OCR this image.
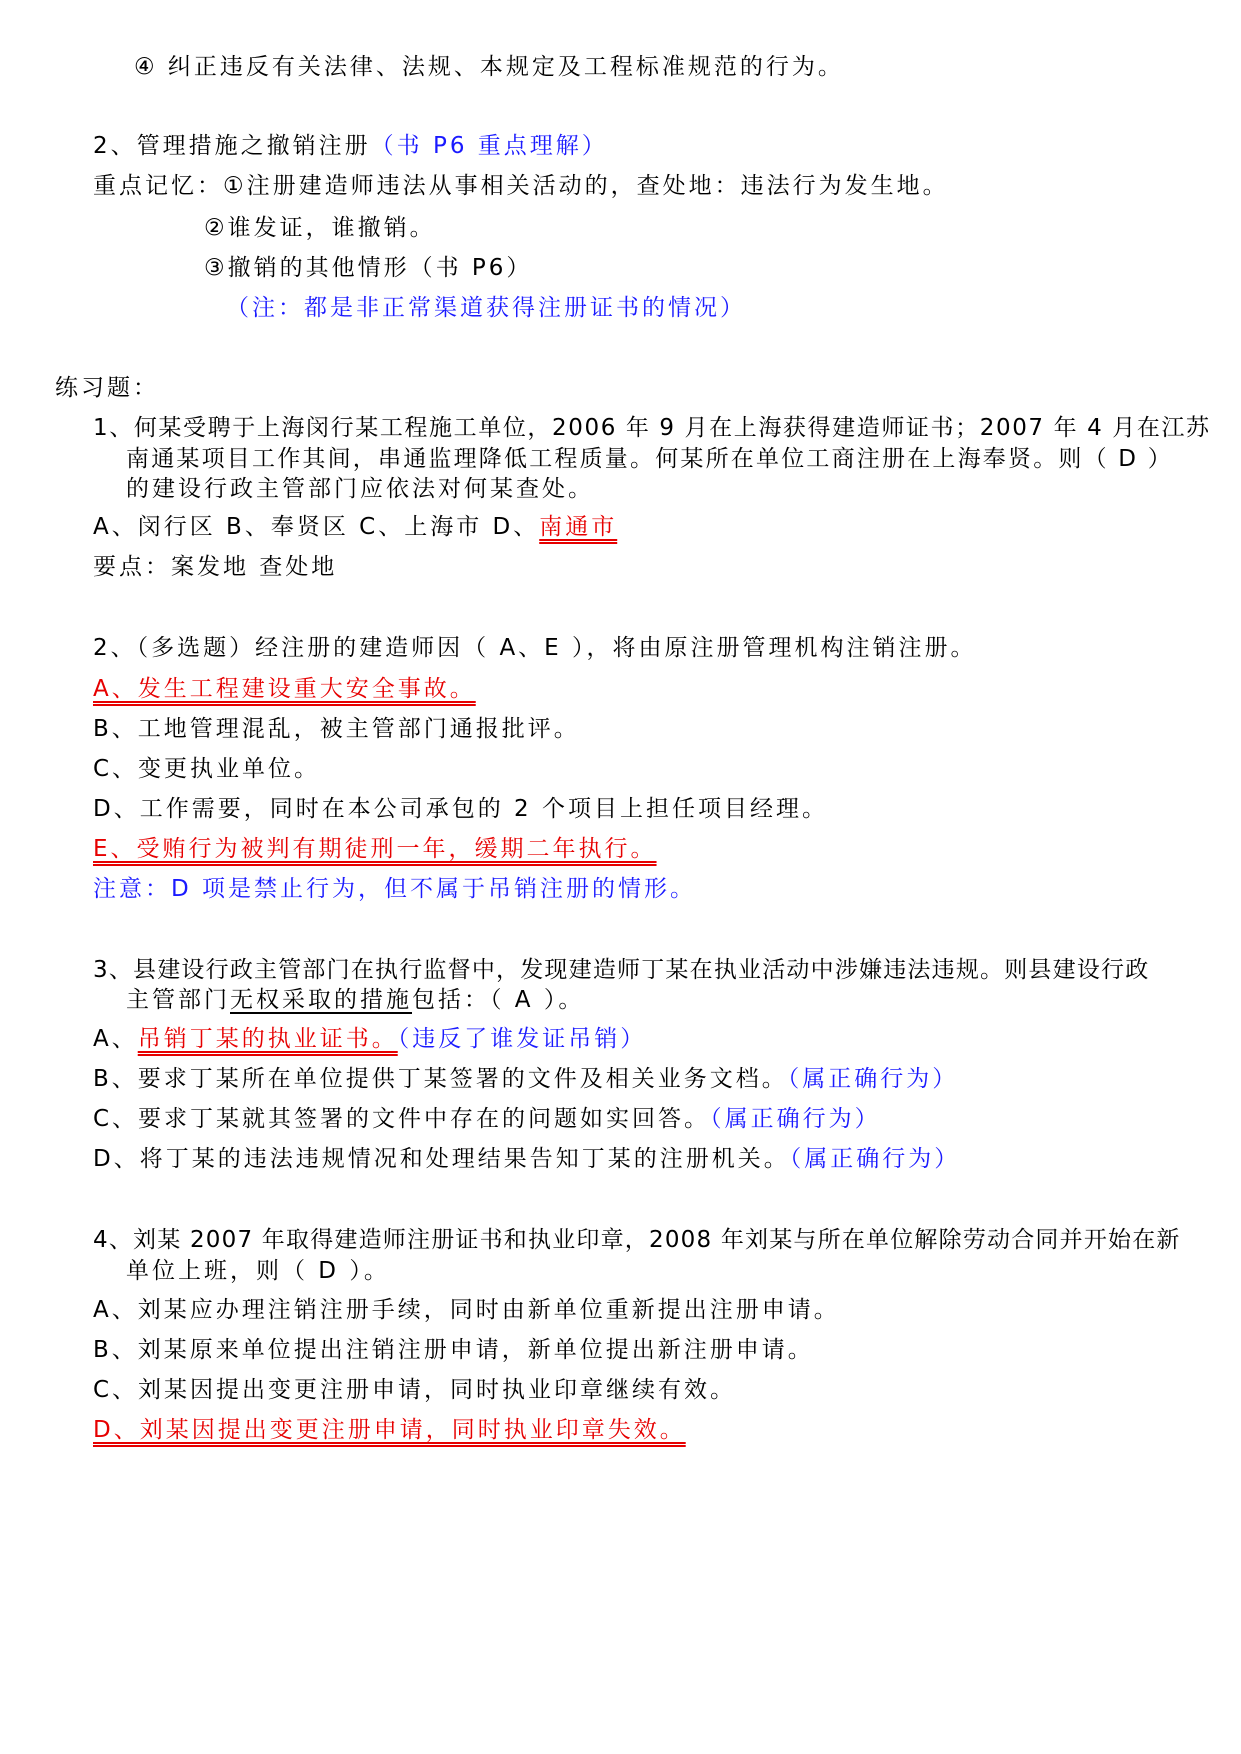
④ 纠正违反有关法律、法规、本规定及工程标准规范的行为。
2、管理措施之撤销注册（书 P6 重点理解）
重点记忆：①注册建造师违法从事相关活动的，查处地：违法行为发生地。
②谁发证，谁撤销。
③撤销的其他情形（书 P6）
（注：都是非正常渠道获得注册证书的情况）
练习题：
1、何某受聘于上海闵行某工程施工单位，2006 年 9 月在上海获得建造师证书；2007 年 4 月在江苏
南通某项目工作其间，串通监理降低工程质量。何某所在单位工商注册在上海奉贤。则（ D ）
的建设行政主管部门应依法对何某查处。
A、闵行区 B、奉贤区 C、上海市 D、南通市
要点：案发地 查处地
2、（多选题）经注册的建造师因（ A、E ），将由原注册管理机构注销注册。
A、发生工程建设重大安全事故。
B、工地管理混乱，被主管部门通报批评。
C、变更执业单位。
D、工作需要，同时在本公司承包的 2 个项目上担任项目经理。
E、受贿行为被判有期徒刑一年，缓期二年执行。
注意：D 项是禁止行为，但不属于吊销注册的情形。
3、县建设行政主管部门在执行监督中，发现建造师丁某在执业活动中涉嫌违法违规。则县建设行政
主管部门无权采取的措施包括：（ A ）。
A、吊销丁某的执业证书。（违反了谁发证吊销）
B、要求丁某所在单位提供丁某签署的文件及相关业务文档。（属正确行为）
C、要求丁某就其签署的文件中存在的问题如实回答。（属正确行为）
D、将丁某的违法违规情况和处理结果告知丁某的注册机关。（属正确行为）
4、刘某 2007 年取得建造师注册证书和执业印章，2008 年刘某与所在单位解除劳动合同并开始在新
单位上班，则（ D ）。
A、刘某应办理注销注册手续，同时由新单位重新提出注册申请。
B、刘某原来单位提出注销注册申请，新单位提出新注册申请。
C、刘某因提出变更注册申请，同时执业印章继续有效。
D、刘某因提出变更注册申请，同时执业印章失效。
